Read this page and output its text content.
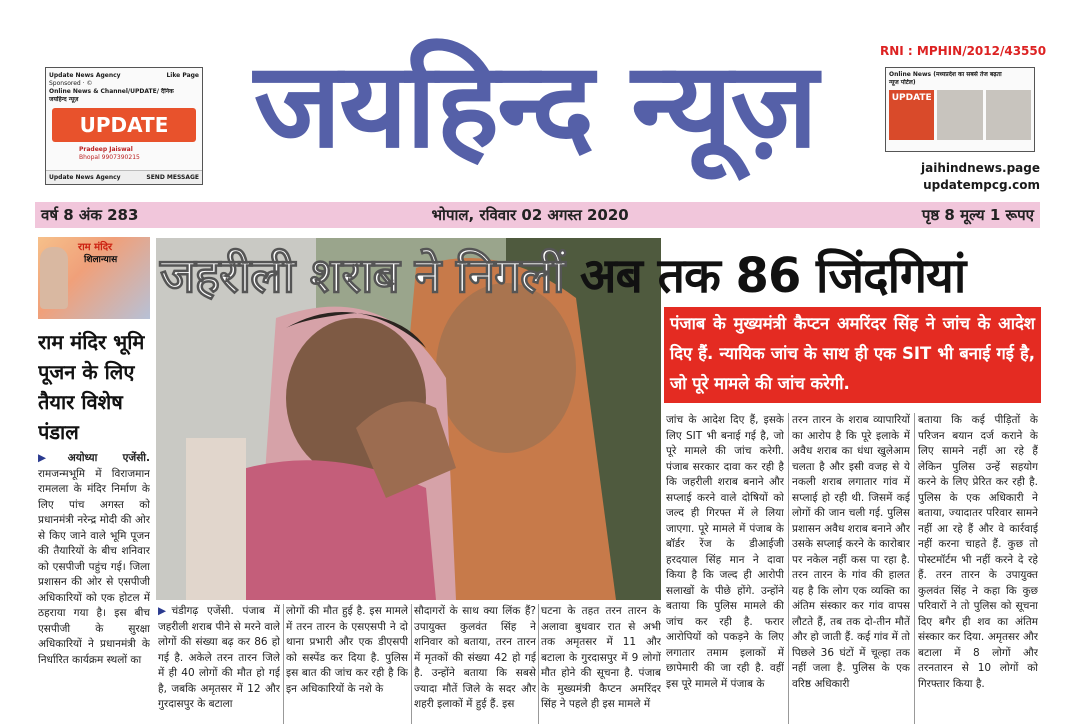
Update News Agency	Like Page
Sponsored · ©
Online News & Channel/UPDATE/ दैनिक
जयहिन्द न्यूज़
UPDATE
Pradeep Jaiswal
Bhopal 9907390215
Update News Agency	SEND MESSAGE
जयहिन्द न्यूज़	RNI : MPHIN/2012/43550
Online News (मध्यप्रदेश का सबसे तेज बढ़ता
न्यूज पोर्टल)
UPDATE
jaihindnews.page
updatempcg.com
वर्ष 8 अंक 283	भोपाल, रविवार 02 अगस्त 2020	पृष्ठ 8 मूल्य 1 रूपए
राम मंदिर
शिलान्यास
राम मंदिर भूमि पूजन के लिए तैयार विशेष पंडाल
▶अयोध्या एजेंसी. रामजन्मभूमि में विराजमान रामलला के मंदिर निर्माण के लिए पांच अगस्त को प्रधानमंत्री नरेन्द्र मोदी की ओर से किए जाने वाले भूमि पूजन की तैयारियों के बीच शनिवार को एसपीजी पहुंच गई। जिला प्रशासन की ओर से एसपीजी अधिकारियों को एक होटल में ठहराया गया है। इस बीच एसपीजी के सुरक्षा अधिकारियों ने प्रधानमंत्री के निर्धारित कार्यक्रम स्थलों का
जहरीली शराब ने निगलीं अब तक 86 जिंदगियां
पंजाब के मुख्यमंत्री कैप्टन अमरिंदर सिंह ने जांच के आदेश दिए हैं. न्यायिक जांच के साथ ही एक SIT भी बनाई गई है, जो पूरे मामले की जांच करेगी.
जांच के आदेश दिए हैं, इसके लिए SIT भी बनाई गई है, जो पूरे मामले की जांच करेगी. पंजाब सरकार दावा कर रही है कि जहरीली शराब बनाने और सप्लाई करने वाले दोषियों को जल्द ही गिरफ्त में ले लिया जाएगा. पूरे मामले में पंजाब के बॉर्डर रेंज के डीआईजी हरदयाल सिंह मान ने दावा किया है कि जल्द ही आरोपी सलाखों के पीछे होंगे. उन्होंने बताया कि पुलिस मामले की जांच कर रही है. फरार आरोपियों को पकड़ने के लिए लगातार तमाम इलाकों में छापेमारी की जा रही है. वहीं इस पूरे मामले में पंजाब के
तरन तारन के शराब व्यापारियों का आरोप है कि पूरे इलाके में अवैध शराब का धंधा खुलेआम चलता है और इसी वजह से ये नकली शराब लगातार गांव में सप्लाई हो रही थी. जिसमें कई लोगों की जान चली गई. पुलिस प्रशासन अवैध शराब बनाने और उसके सप्लाई करने के कारोबार पर नकेल नहीं कस पा रहा है. तरन तारन के गांव की हालत यह है कि लोग एक व्यक्ति का अंतिम संस्कार कर गांव वापस लौटते हैं, तब तक दो-तीन मौतें और हो जाती हैं. कई गांव में तो पिछले 36 घंटों में चूल्हा तक नहीं जला है. पुलिस के एक वरिष्ठ अधिकारी
बताया कि कई पीड़ितों के परिजन बयान दर्ज कराने के लिए सामने नहीं आ रहे हैं लेकिन पुलिस उन्हें सहयोग करने के लिए प्रेरित कर रही है. पुलिस के एक अधिकारी ने बताया, ज्यादातर परिवार सामने नहीं आ रहे हैं और वे कार्रवाई नहीं करना चाहते हैं. कुछ तो पोस्टमॉर्टम भी नहीं करने दे रहे हैं. तरन तारन के उपायुक्त कुलवंत सिंह ने कहा कि कुछ परिवारों ने तो पुलिस को सूचना दिए बगैर ही शव का अंतिम संस्कार कर दिया. अमृतसर और बटाला में 8 लोगों और तरनतारन से 10 लोगों को गिरफ्तार किया है.
▶चंडीगढ़ एजेंसी. पंजाब में जहरीली शराब पीने से मरने वाले लोगों की संख्या बढ़ कर 86 हो गई है. अकेले तरन तारन जिले में ही 40 लोगों की मौत हो गई है, जबकि अमृतसर में 12 और गुरदासपुर के बटाला
लोगों की मौत हुई है. इस मामले में तरन तारन के एसएसपी ने दो थाना प्रभारी और एक डीएसपी को सस्पेंड कर दिया है. पुलिस इस बात की जांच कर रही है कि इन अधिकारियों के नशे के
सौदागरों के साथ क्या लिंक हैं? उपायुक्त कुलवंत सिंह ने शनिवार को बताया, तरन तारन में मृतकों की संख्या 42 हो गई है. उन्होंने बताया कि सबसे ज्यादा मौतें जिले के सदर और शहरी इलाकों में हुई हैं. इस
घटना के तहत तरन तारन के अलावा बुधवार रात से अभी तक अमृतसर में 11 और बटाला के गुरदासपुर में 9 लोगों मौत होने की सूचना है. पंजाब के मुख्यमंत्री कैप्टन अमरिंदर सिंह ने पहले ही इस मामले में
